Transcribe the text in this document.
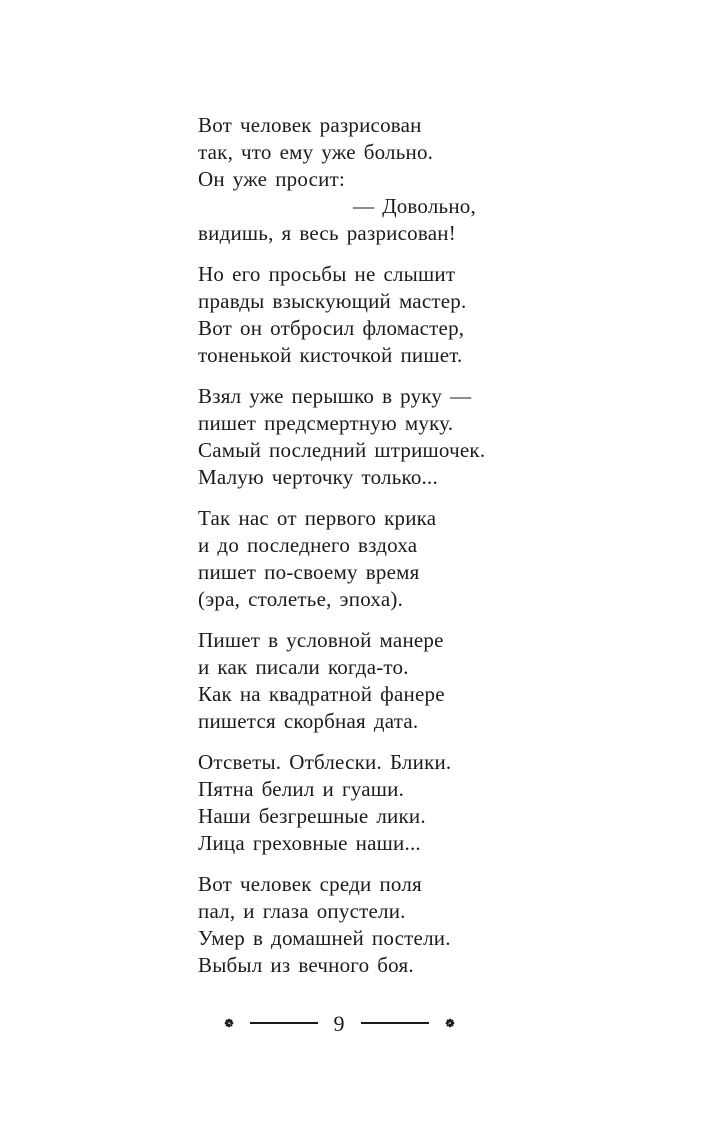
Вот человек разрисован
так, что ему уже больно.
Он уже просит:
— Довольно,
видишь, я весь разрисован!
Но его просьбы не слышит
правды взыскующий мастер.
Вот он отбросил фломастер,
тоненькой кисточкой пишет.
Взял уже перышко в руку —
пишет предсмертную муку.
Самый последний штришочек.
Малую черточку только...
Так нас от первого крика
и до последнего вздоха
пишет по-своему время
(эра, столетье, эпоха).
Пишет в условной манере
и как писали когда-то.
Как на квадратной фанере
пишется скорбная дата.
Отсветы. Отблески. Блики.
Пятна белил и гуаши.
Наши безгрешные лики.
Лица греховные наши...
Вот человек среди поля
пал, и глаза опустели.
Умер в домашней постели.
Выбыл из вечного боя.
9
